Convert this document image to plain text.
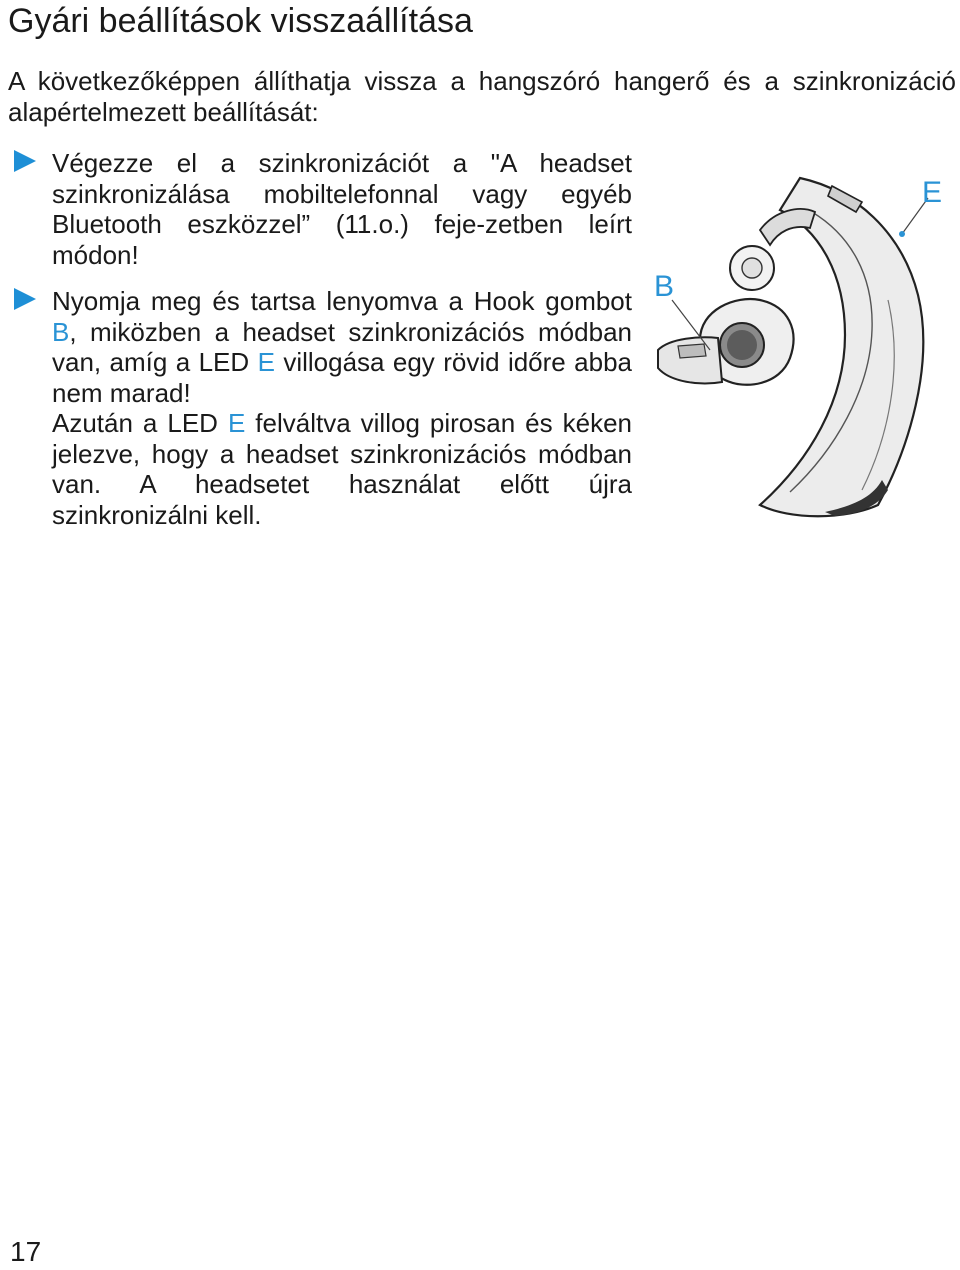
Gyári beállítások visszaállítása

A következőképpen állíthatja vissza a hangszóró hangerő és a szinkronizáció alapértelmezett beállítását:

Végezze el a szinkronizációt a "A headset szinkronizálása mobiltelefonnal vagy egyéb Bluetooth eszközzel” (11.o.) feje-zetben leírt módon!

Nyomja meg és tartsa lenyomva a Hook gombot B, miközben a headset szinkronizációs módban van, amíg a LED E villogása egy rövid időre abba nem marad!

Azután a LED E felváltva villog pirosan és kéken jelezve, hogy a headset szinkronizációs módban van. A headsetet használat előtt újra szinkronizálni kell.

B
E
17
